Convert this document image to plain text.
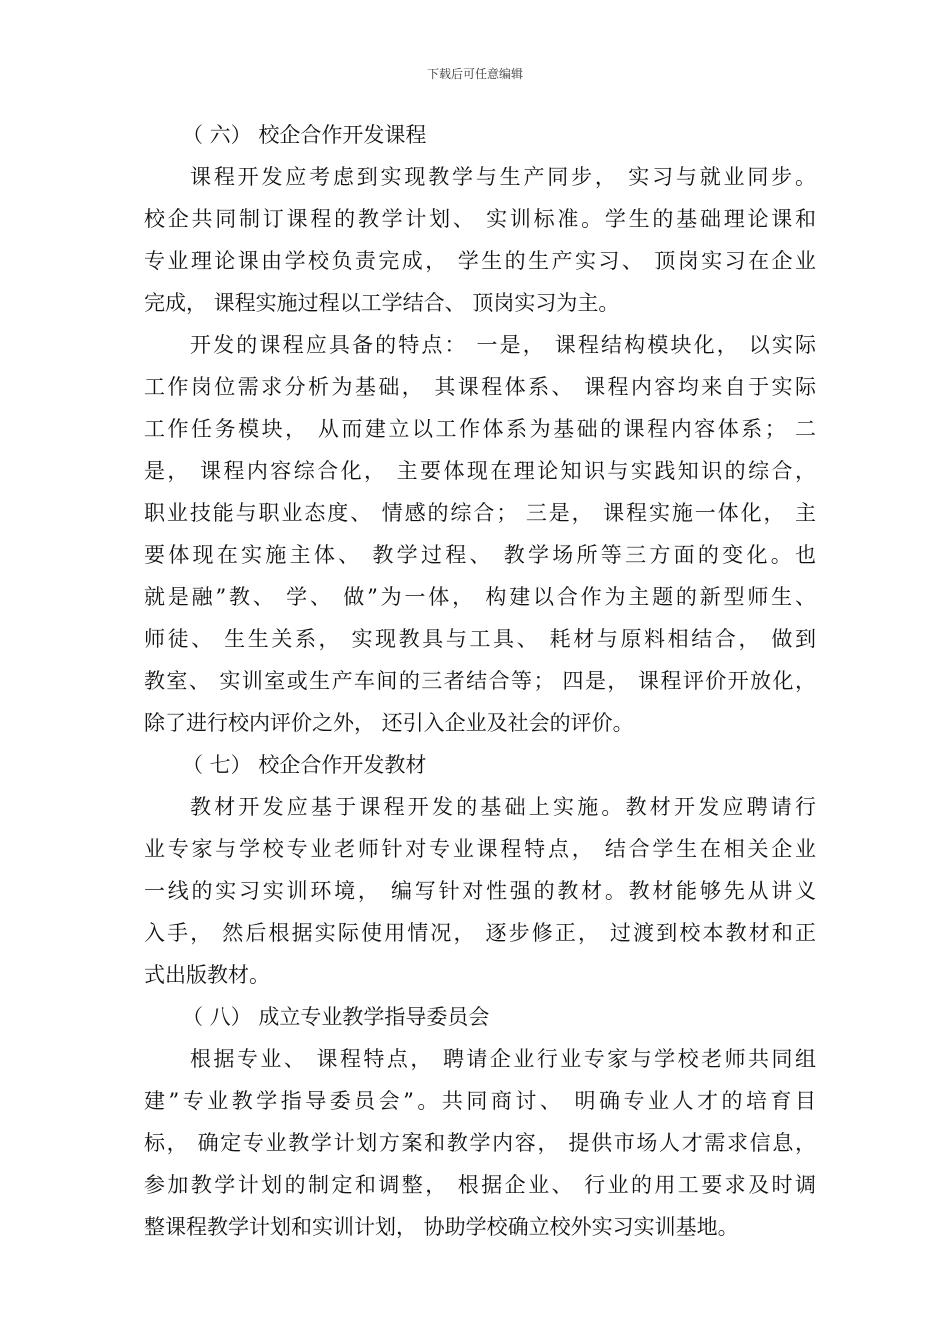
下载后可任意编辑
（ 六） 校企合作开发课程
课程开发应考虑到实现教学与生产同步， 实习与就业同步。
校企共同制订课程的教学计划、 实训标准。学生的基础理论课和
专业理论课由学校负责完成， 学生的生产实习、 顶岗实习在企业
完成， 课程实施过程以工学结合、 顶岗实习为主。
开发的课程应具备的特点： 一是， 课程结构模块化， 以实际
工作岗位需求分析为基础， 其课程体系、 课程内容均来自于实际
工作任务模块， 从而建立以工作体系为基础的课程内容体系； 二
是， 课程内容综合化， 主要体现在理论知识与实践知识的综合，
职业技能与职业态度、 情感的综合； 三是， 课程实施一体化， 主
要体现在实施主体、 教学过程、 教学场所等三方面的变化。也
就是融”教、 学、 做”为一体， 构建以合作为主题的新型师生、
师徒、 生生关系， 实现教具与工具、 耗材与原料相结合， 做到
教室、 实训室或生产车间的三者结合等； 四是， 课程评价开放化，
除了进行校内评价之外， 还引入企业及社会的评价。
（ 七） 校企合作开发教材
教材开发应基于课程开发的基础上实施。教材开发应聘请行
业专家与学校专业老师针对专业课程特点， 结合学生在相关企业
一线的实习实训环境， 编写针对性强的教材。教材能够先从讲义
入手， 然后根据实际使用情况， 逐步修正， 过渡到校本教材和正
式出版教材。
（ 八） 成立专业教学指导委员会
根据专业、 课程特点， 聘请企业行业专家与学校老师共同组
建”专业教学指导委员会”。共同商讨、 明确专业人才的培育目
标， 确定专业教学计划方案和教学内容， 提供市场人才需求信息，
参加教学计划的制定和调整， 根据企业、 行业的用工要求及时调
整课程教学计划和实训计划， 协助学校确立校外实习实训基地。
